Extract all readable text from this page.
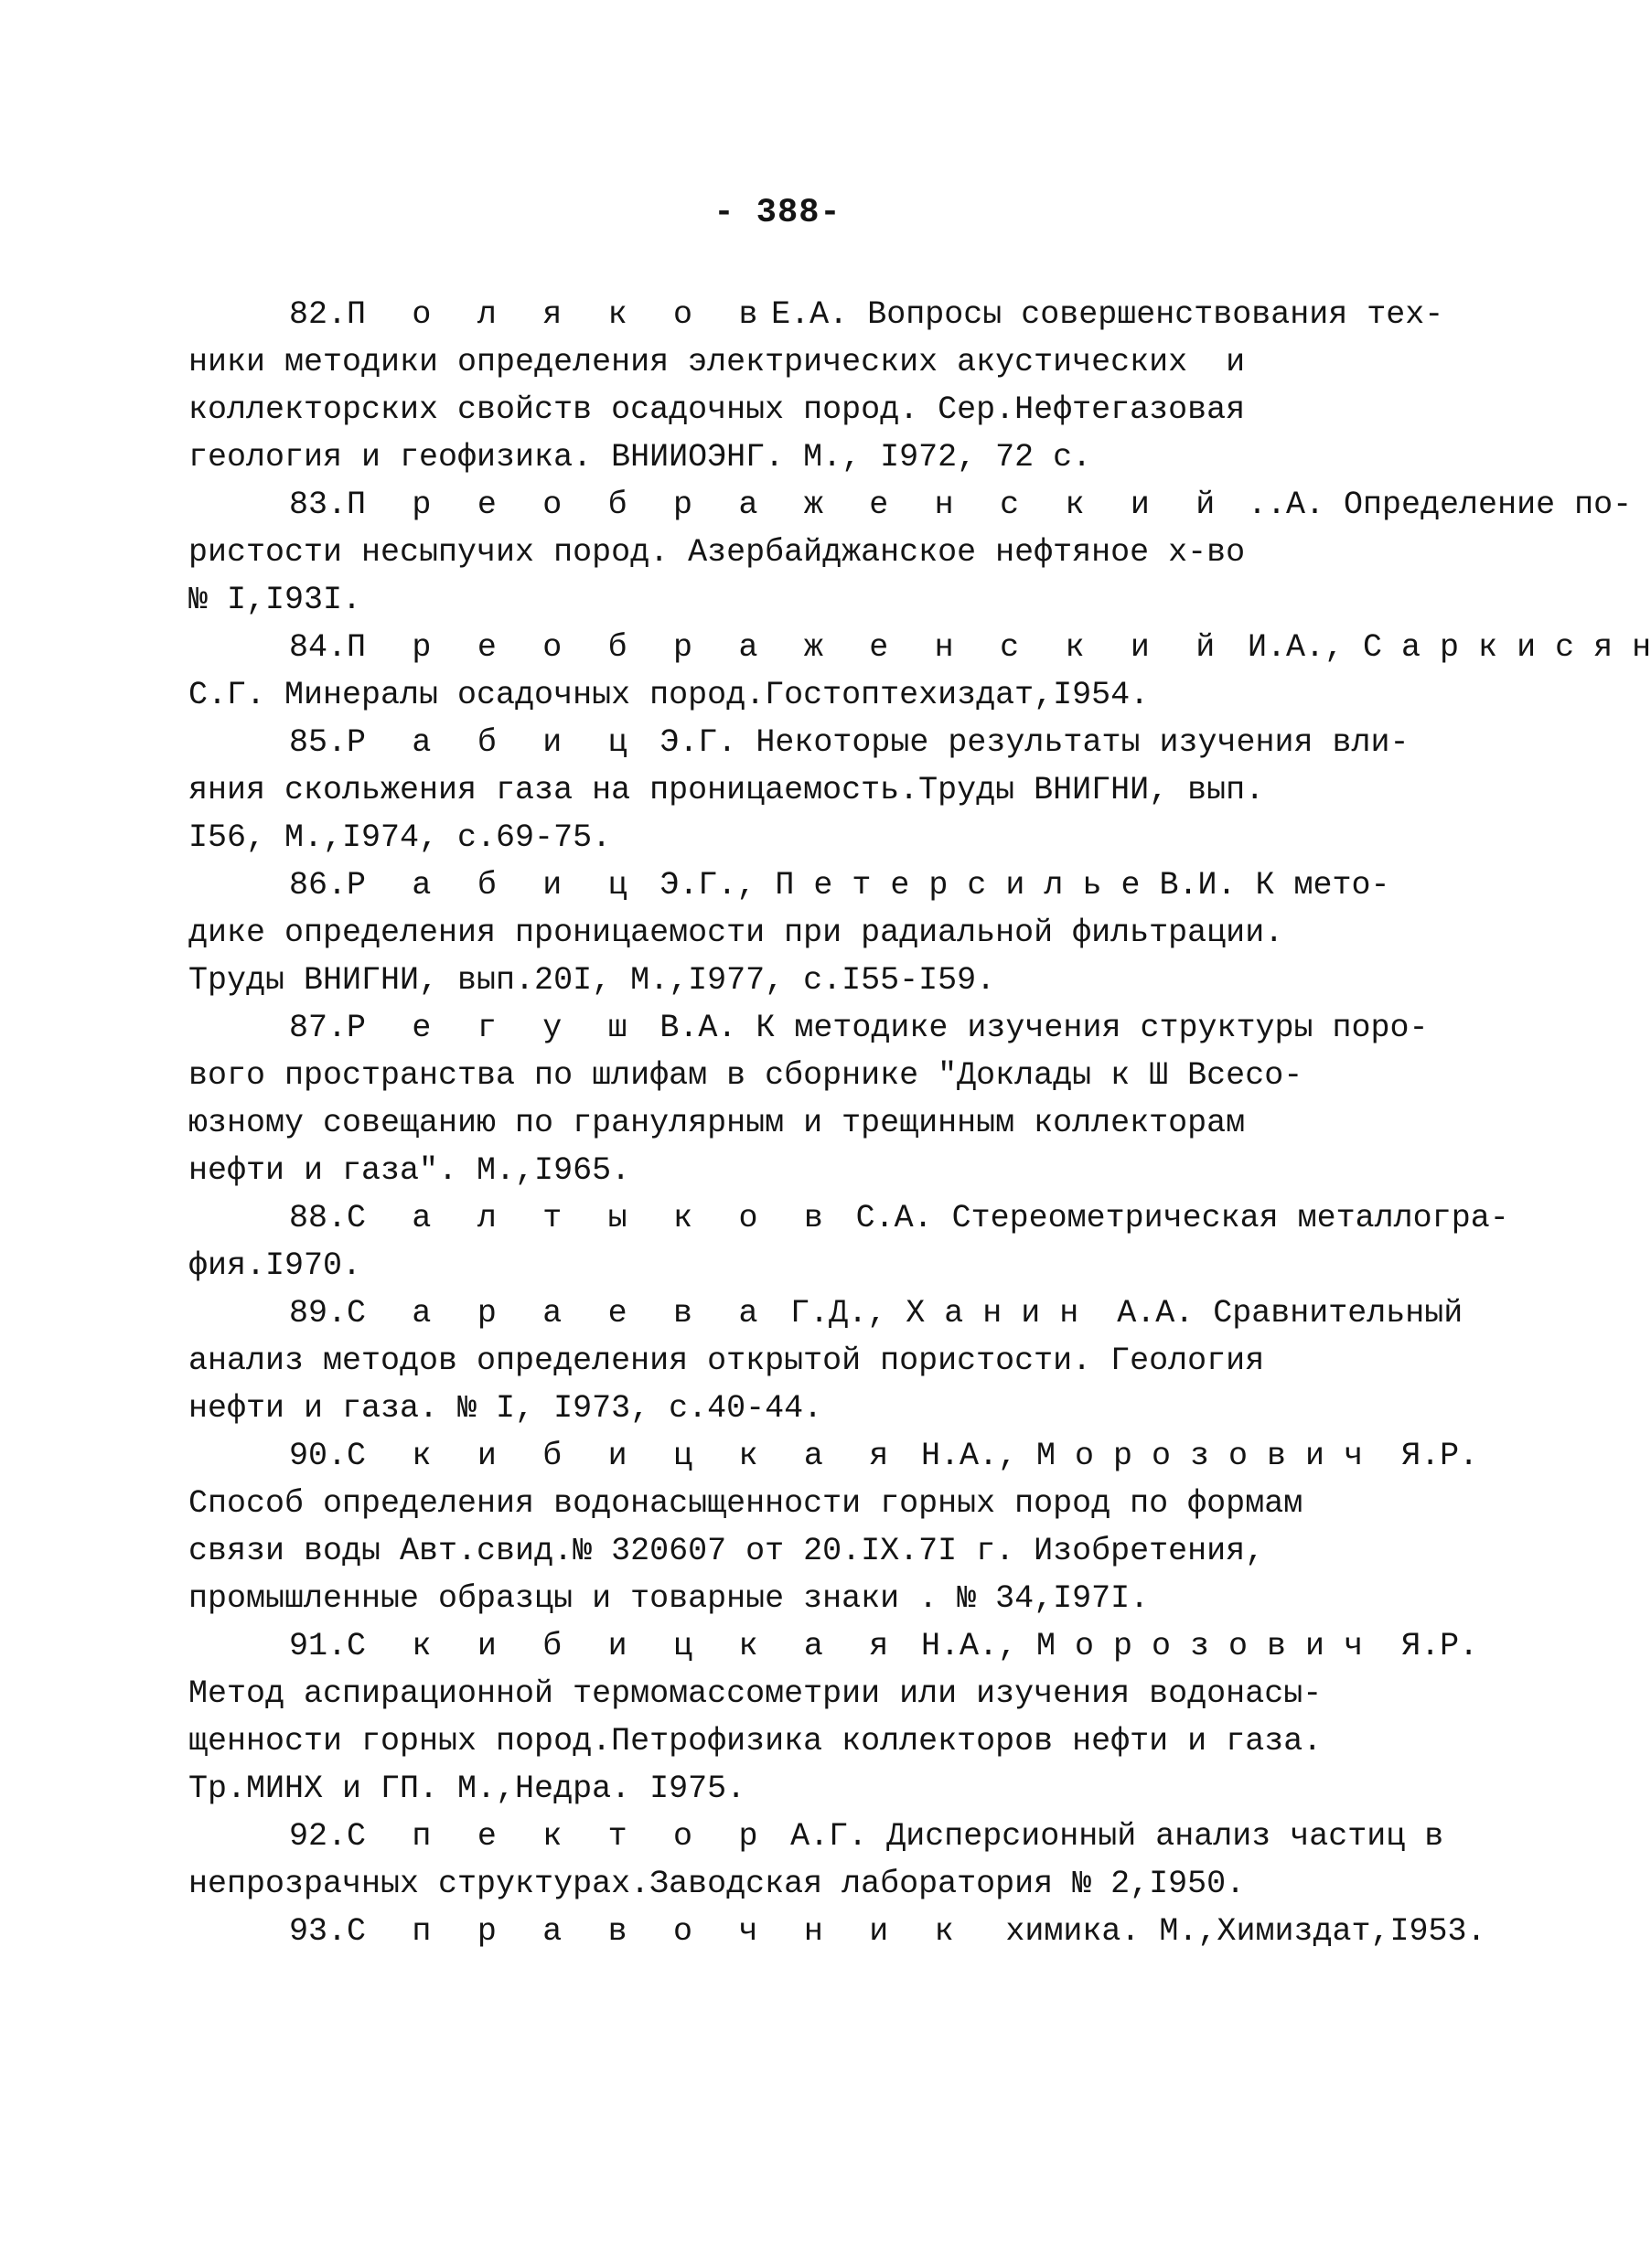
- 388-
82.П о л я к о вЕ.А. Вопросы совершенствования тех-
ники методики определения электрических акустических  и
коллекторских свойств осадочных пород. Сер.Нефтегазовая
геология и геофизика. ВНИИОЭНГ. М., I972, 72 с.
83.П р е о б р а ж е н с к и й ..А. Определение по-
ристости несыпучих пород. Азербайджанское нефтяное х-во
№ I,I93I.
84.П р е о б р а ж е н с к и й И.А., С а р к и с я н
С.Г. Минералы осадочных пород.Гостоптехиздат,I954.
85.Р а б и ц Э.Г. Некоторые результаты изучения вли-
яния скольжения газа на проницаемость.Труды ВНИГНИ, вып.
I56, М.,I974, с.69-75.
86.Р а б и ц Э.Г., П е т е р с и л ь е В.И. К мето-
дике определения проницаемости при радиальной фильтрации.
Труды ВНИГНИ, вып.20I, М.,I977, с.I55-I59.
87.Р е г у ш В.А. К методике изучения структуры поро-
вого пространства по шлифам в сборнике "Доклады к Ш Всесо-
юзному совещанию по гранулярным и трещинным коллекторам
нефти и газа". М.,I965.
88.С а л т ы к о в С.А. Стереометрическая металлогра-
фия.I970.
89.С а р а е в а Г.Д., Х а н и н  А.А. Сравнительный
анализ методов определения открытой пористости. Геология
нефти и газа. № I, I973, с.40-44.
90.С к и б и ц к а я Н.А., М о р о з о в и ч  Я.Р.
Способ определения водонасыщенности горных пород по формам
связи воды Авт.свид.№ 320607 от 20.IX.7I г. Изобретения,
промышленные образцы и товарные знаки . № 34,I97I.
91.С к и б и ц к а я Н.А., М о р о з о в и ч  Я.Р.
Метод аспирационной термомассометрии или изучения водонасы-
щенности горных пород.Петрофизика коллекторов нефти и газа.
Тр.МИНХ и ГП. М.,Недра. I975.
92.С п е к т о р А.Г. Дисперсионный анализ частиц в
непрозрачных структурах.Заводская лаборатория № 2,I950.
93.С п р а в о ч н и к  химика. М.,Химиздат,I953.
